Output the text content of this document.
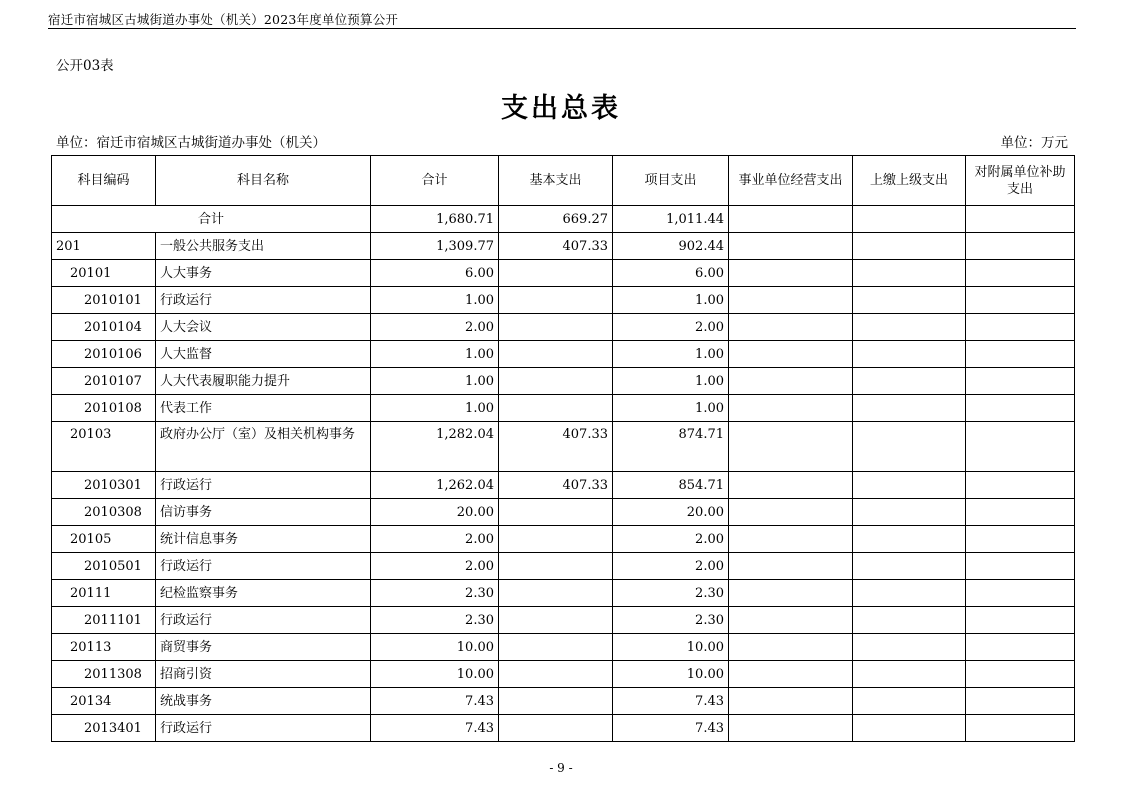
宿迁市宿城区古城街道办事处（机关）2023年度单位预算公开
公开03表
支出总表
单位：宿迁市宿城区古城街道办事处（机关）	单位：万元
科目编码	科目名称	合计	基本支出	项目支出	事业单位经营支出	上缴上级支出	对附属单位补助支出
合计		1,680.71	669.27	1,011.44			
201	一般公共服务支出	1,309.77	407.33	902.44			
20101	人大事务	6.00		6.00			
2010101	行政运行	1.00		1.00			
2010104	人大会议	2.00		2.00			
2010106	人大监督	1.00		1.00			
2010107	人大代表履职能力提升	1.00		1.00			
2010108	代表工作	1.00		1.00			
20103	政府办公厅（室）及相关机构事务	1,282.04	407.33	874.71			
2010301	行政运行	1,262.04	407.33	854.71			
2010308	信访事务	20.00		20.00			
20105	统计信息事务	2.00		2.00			
2010501	行政运行	2.00		2.00			
20111	纪检监察事务	2.30		2.30			
2011101	行政运行	2.30		2.30			
20113	商贸事务	10.00		10.00			
2011308	招商引资	10.00		10.00			
20134	统战事务	7.43		7.43			
2013401	行政运行	7.43		7.43			
- 9 -
